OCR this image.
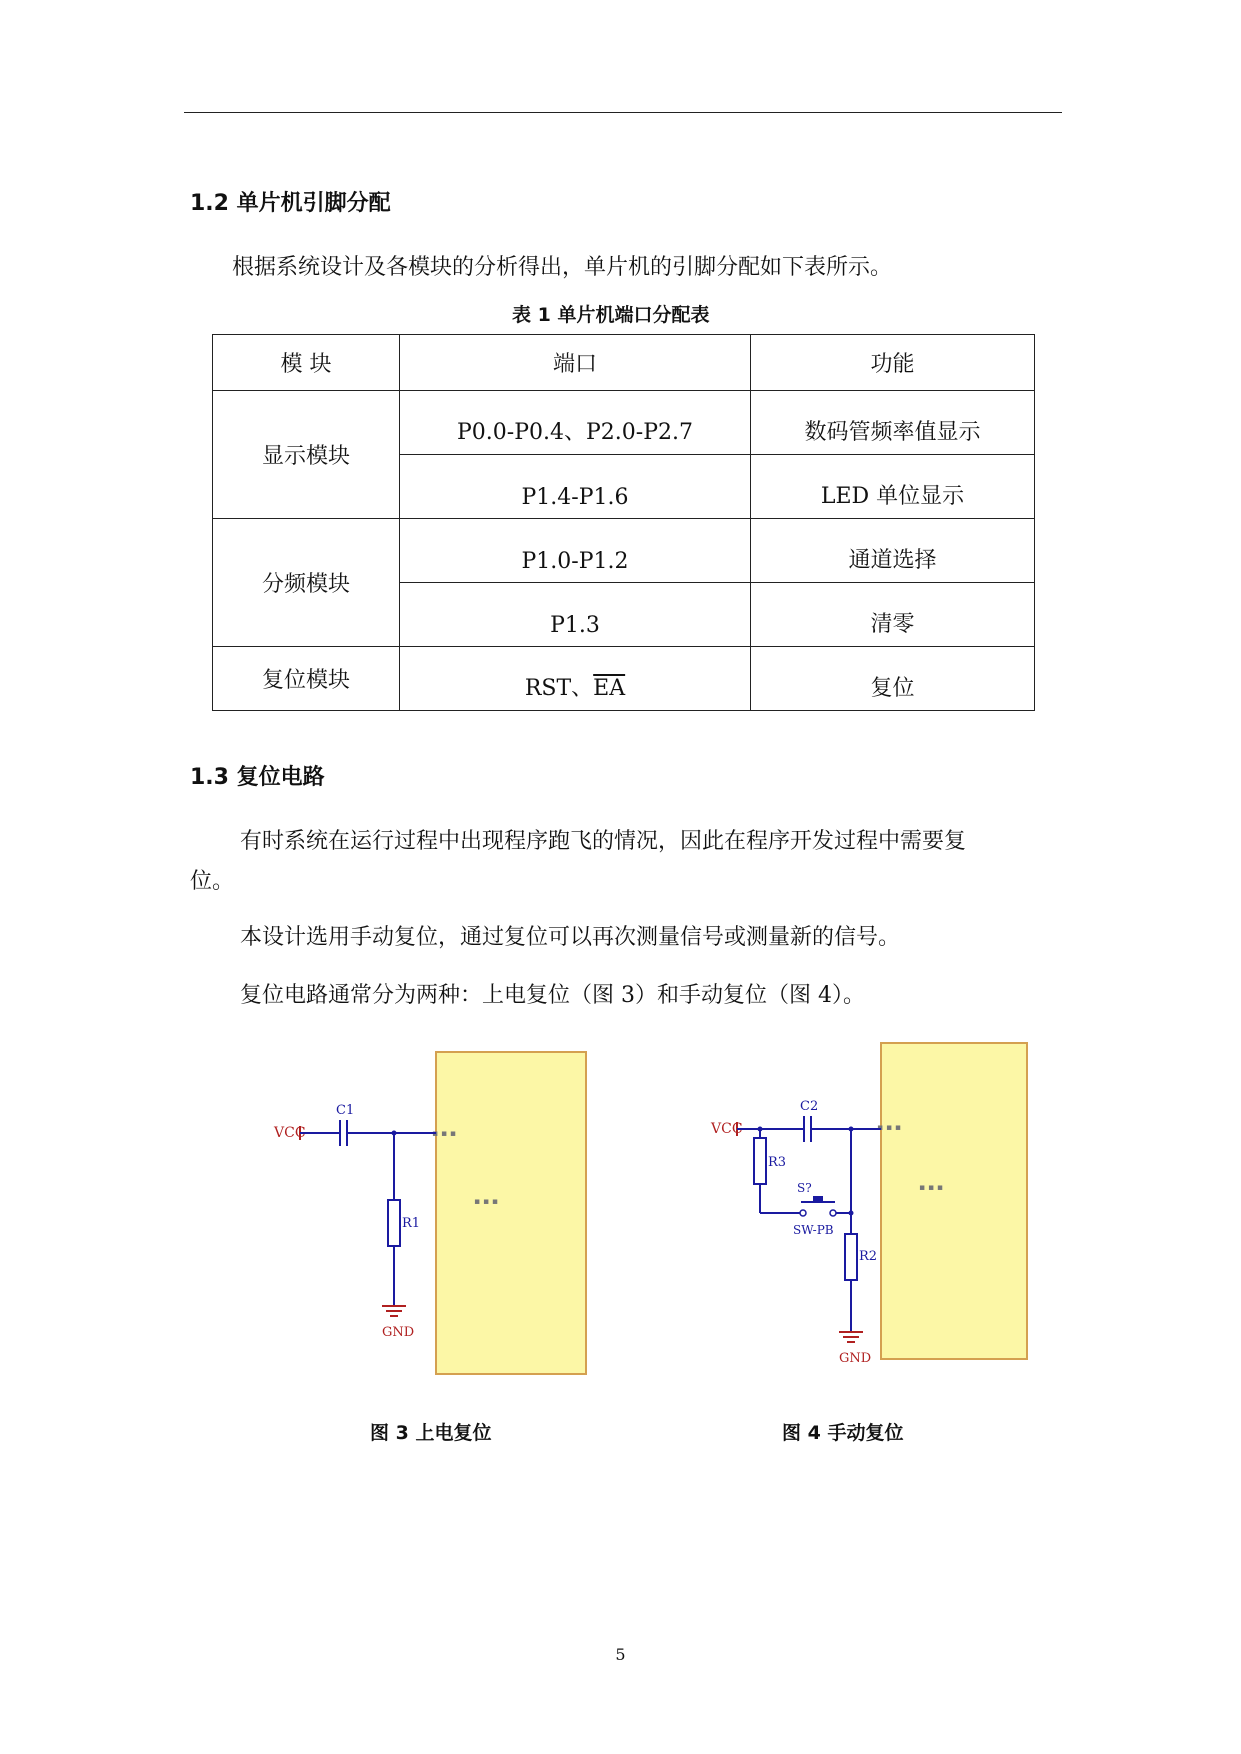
1.2 单片机引脚分配
根据系统设计及各模块的分析得出，单片机的引脚分配如下表所示。
表 1 单片机端口分配表
模 块	端口	功能
显示模块	P0.0-P0.4、P2.0-P2.7	数码管频率值显示
	P1.4-P1.6	LED 单位显示
分频模块	P1.0-P1.2	通道选择
	P1.3	清零
复位模块	RST、$\overline{EA}$	复位
1.3 复位电路
有时系统在运行过程中出现程序跑飞的情况，因此在程序开发过程中需要复
位。
本设计选用手动复位，通过复位可以再次测量信号或测量新的信号。
复位电路通常分为两种：上电复位（图 3）和手动复位（图 4）。
▪ ▪ ▪
▪ ▪ ▪
VCC
C1
R1
GND
图 3 上电复位
▪ ▪ ▪
▪ ▪ ▪
VCC
C2
R3
S?
SW-PB
R2
GND
图 4 手动复位
5
